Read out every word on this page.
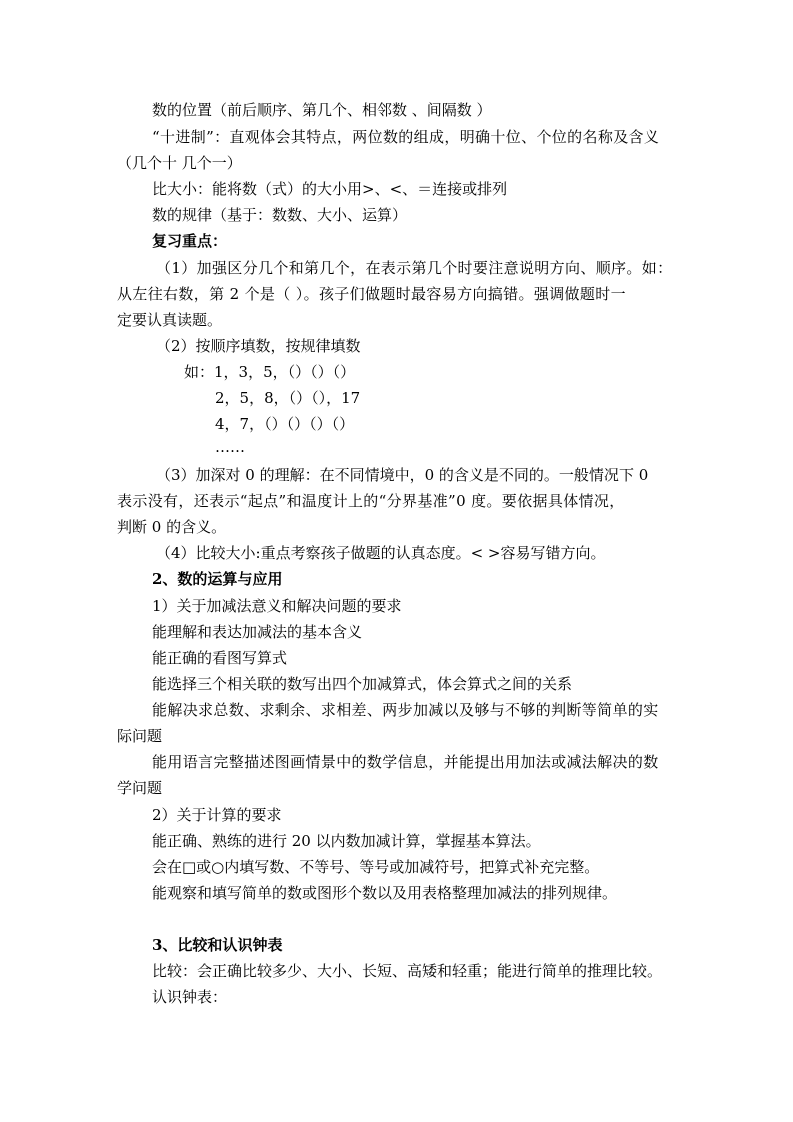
数的位置（前后顺序、第几个、相邻数 、间隔数 ）
“十进制”：直观体会其特点，两位数的组成，明确十位、个位的名称及含义
（几个十 几个一）
比大小：能将数（式）的大小用>、<、＝连接或排列
数的规律（基于：数数、大小、运算）
复习重点：
（1）加强区分几个和第几个，在表示第几个时要注意说明方向、顺序。如：
从左往右数，第 2 个是（ ）。孩子们做题时最容易方向搞错。强调做题时一
定要认真读题。
（2）按顺序填数，按规律填数
如：1，3，5，（）（）（）
2，5，8，（）（），17
4，7，（）（）（）（）
……
（3）加深对 0 的理解：在不同情境中，0 的含义是不同的。一般情况下 0
表示没有，还表示“起点”和温度计上的“分界基准”0 度。要依据具体情况，
判断 0 的含义。
（4）比较大小:重点考察孩子做题的认真态度。< >容易写错方向。
2、数的运算与应用
1）关于加减法意义和解决问题的要求
能理解和表达加减法的基本含义
能正确的看图写算式
能选择三个相关联的数写出四个加减算式，体会算式之间的关系
能解决求总数、求剩余、求相差、两步加减以及够与不够的判断等简单的实
际问题
能用语言完整描述图画情景中的数学信息，并能提出用加法或减法解决的数
学问题
2）关于计算的要求
能正确、熟练的进行 20 以内数加减计算，掌握基本算法。
会在□或○内填写数、不等号、等号或加减符号，把算式补充完整。
能观察和填写简单的数或图形个数以及用表格整理加减法的排列规律。
3、比较和认识钟表
比较：会正确比较多少、大小、长短、高矮和轻重；能进行简单的推理比较。
认识钟表：
